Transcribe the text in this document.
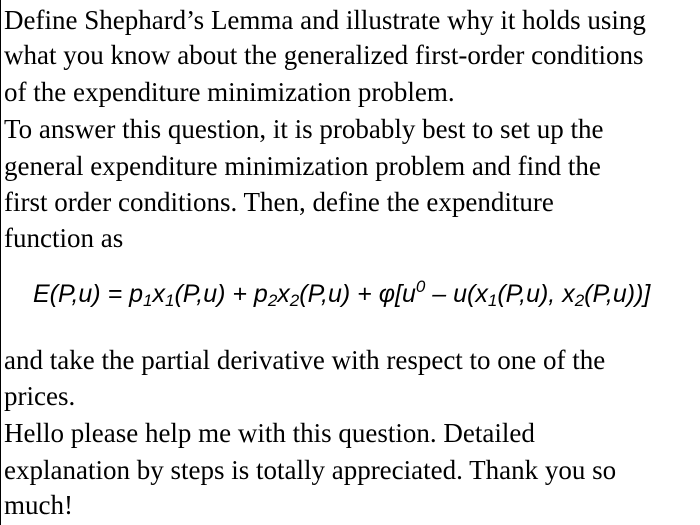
Define Shephard’s Lemma and illustrate why it holds using
what you know about the generalized first-order conditions
of the expenditure minimization problem.
To answer this question, it is probably best to set up the
general expenditure minimization problem and find the
first order conditions. Then, define the expenditure
function as
$E(P,u) = p_1x_1(P,u) + p_2x_2(P,u) + \varphi[u^0 - u(x_1(P,u)$, $x_2(P,u)$)]
and take the partial derivative with respect to one of the
prices.
Hello please help me with this question. Detailed
explanation by steps is totally appreciated. Thank you so
much!
